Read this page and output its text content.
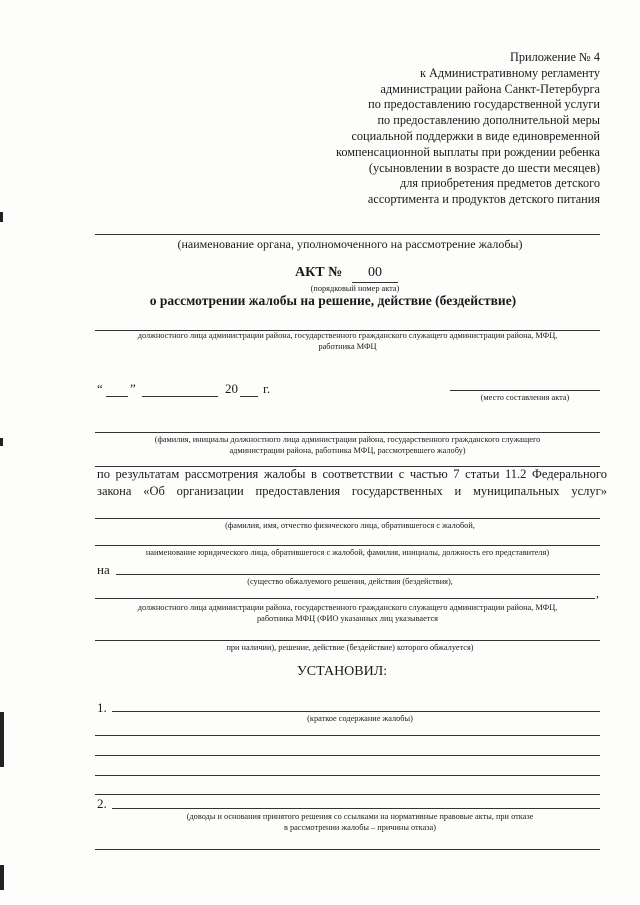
Приложение № 4
к Административному регламенту
администрации района Санкт-Петербурга
по предоставлению государственной услуги
по предоставлению дополнительной меры
социальной поддержки в виде единовременной
компенсационной выплаты при рождении ребенка
(усыновлении в возрасте до шести месяцев)
для приобретения предметов детского
ассортимента и продуктов детского питания
(наименование органа, уполномоченного на рассмотрение жалобы)
АКТ №	00
(порядковый номер акта)
о рассмотрении жалобы на решение, действие (бездействие)
должностного лица администрации района, государственного гражданского служащего администрации района, МФЦ,
работника МФЦ
“ ”	20 г.
(место составления акта)
(фамилия, инициалы должностного лица администрации района, государственного гражданского служащего
администрации района, работника МФЦ, рассмотревшего жалобу)
по результатам рассмотрения жалобы в соответствии с частью 7 статьи 11.2 Федерального
закона «Об организации предоставления государственных и муниципальных услуг»
(фамилия, имя, отчество физического лица, обратившегося с жалобой,
наименование юридического лица, обратившегося с жалобой, фамилия, инициалы, должность его представителя)
на
(существо обжалуемого решения, действия (бездействия),
,
должностного лица администрации района, государственного гражданского служащего администрации района, МФЦ,
работника МФЦ (ФИО указанных лиц указывается
при наличии), решение, действие (бездействие) которого обжалуется)
УСТАНОВИЛ:
1.
(краткое содержание жалобы)
2.
(доводы и основания принятого решения со ссылками на нормативные правовые акты, при отказе
в рассмотрении жалобы – причины отказа)
